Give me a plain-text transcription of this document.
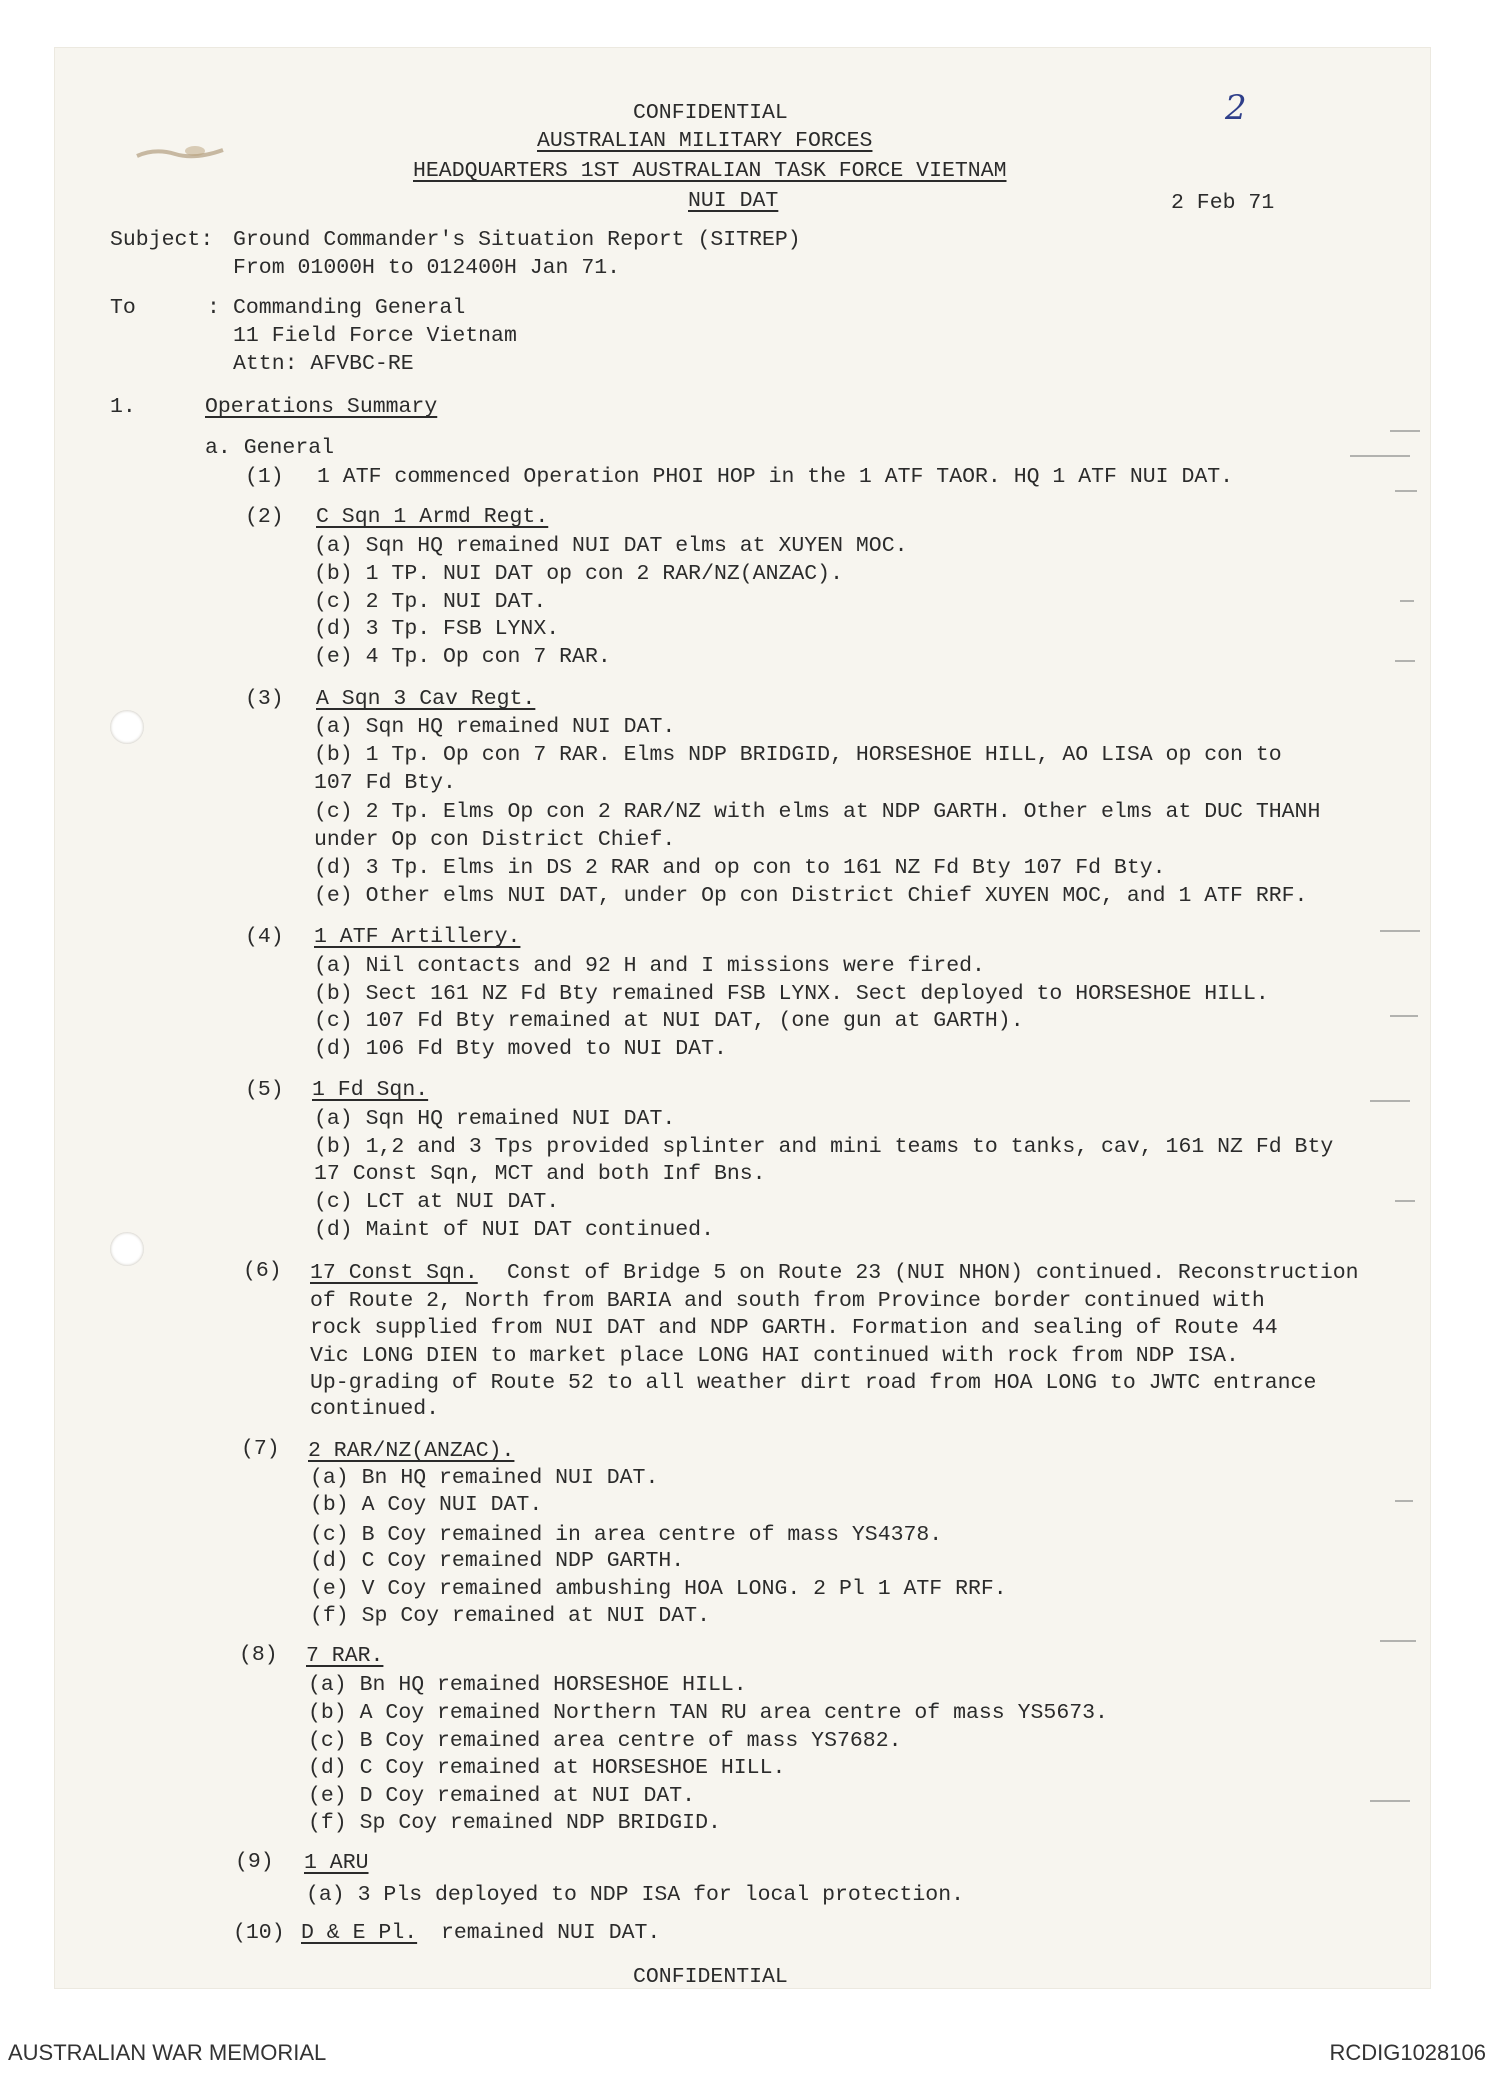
2
CONFIDENTIAL
AUSTRALIAN MILITARY FORCES
HEADQUARTERS 1ST AUSTRALIAN TASK FORCE VIETNAM
NUI DAT	2 Feb 71
Subject: Ground Commander's Situation Report (SITREP)
From 01000H to 012400H Jan 71.
To	: Commanding General
11 Field Force Vietnam
Attn: AFVBC-RE
1.	Operations Summary
a. General
(1) 1 ATF commenced Operation PHOI HOP in the 1 ATF TAOR. HQ 1 ATF NUI DAT.
(2) C Sqn 1 Armd Regt.
(a) Sqn HQ remained NUI DAT elms at XUYEN MOC.
(b) 1 TP. NUI DAT op con 2 RAR/NZ(ANZAC).
(c) 2 Tp. NUI DAT.
(d) 3 Tp. FSB LYNX.
(e) 4 Tp. Op con 7 RAR.
(3) A Sqn 3 Cav Regt.
(a) Sqn HQ remained NUI DAT.
(b) 1 Tp. Op con 7 RAR. Elms NDP BRIDGID, HORSESHOE HILL, AO LISA op con to
107 Fd Bty.
(c) 2 Tp. Elms Op con 2 RAR/NZ with elms at NDP GARTH. Other elms at DUC THANH
under Op con District Chief.
(d) 3 Tp. Elms in DS 2 RAR and op con to 161 NZ Fd Bty 107 Fd Bty.
(e) Other elms NUI DAT, under Op con District Chief XUYEN MOC, and 1 ATF RRF.
(4) 1 ATF Artillery.
(a) Nil contacts and 92 H and I missions were fired.
(b) Sect 161 NZ Fd Bty remained FSB LYNX. Sect deployed to HORSESHOE HILL.
(c) 107 Fd Bty remained at NUI DAT, (one gun at GARTH).
(d) 106 Fd Bty moved to NUI DAT.
(5) 1 Fd Sqn.
(a) Sqn HQ remained NUI DAT.
(b) 1,2 and 3 Tps provided splinter and mini teams to tanks, cav, 161 NZ Fd Bty
17 Const Sqn, MCT and both Inf Bns.
(c) LCT at NUI DAT.
(d) Maint of NUI DAT continued.
(6) 17 Const Sqn. Const of Bridge 5 on Route 23 (NUI NHON) continued. Reconstruction
of Route 2, North from BARIA and south from Province border continued with
rock supplied from NUI DAT and NDP GARTH. Formation and sealing of Route 44
Vic LONG DIEN to market place LONG HAI continued with rock from NDP ISA.
Up-grading of Route 52 to all weather dirt road from HOA LONG to JWTC entrance
continued.
(7) 2 RAR/NZ(ANZAC).
(a) Bn HQ remained NUI DAT.
(b) A Coy NUI DAT.
(c) B Coy remained in area centre of mass YS4378.
(d) C Coy remained NDP GARTH.
(e) V Coy remained ambushing HOA LONG. 2 Pl 1 ATF RRF.
(f) Sp Coy remained at NUI DAT.
(8) 7 RAR.
(a) Bn HQ remained HORSESHOE HILL.
(b) A Coy remained Northern TAN RU area centre of mass YS5673.
(c) B Coy remained area centre of mass YS7682.
(d) C Coy remained at HORSESHOE HILL.
(e) D Coy remained at NUI DAT.
(f) Sp Coy remained NDP BRIDGID.
(9) 1 ARU
(a) 3 Pls deployed to NDP ISA for local protection.
(10) D & E Pl. remained NUI DAT.
CONFIDENTIAL
AUSTRALIAN WAR MEMORIAL	RCDIG1028106
